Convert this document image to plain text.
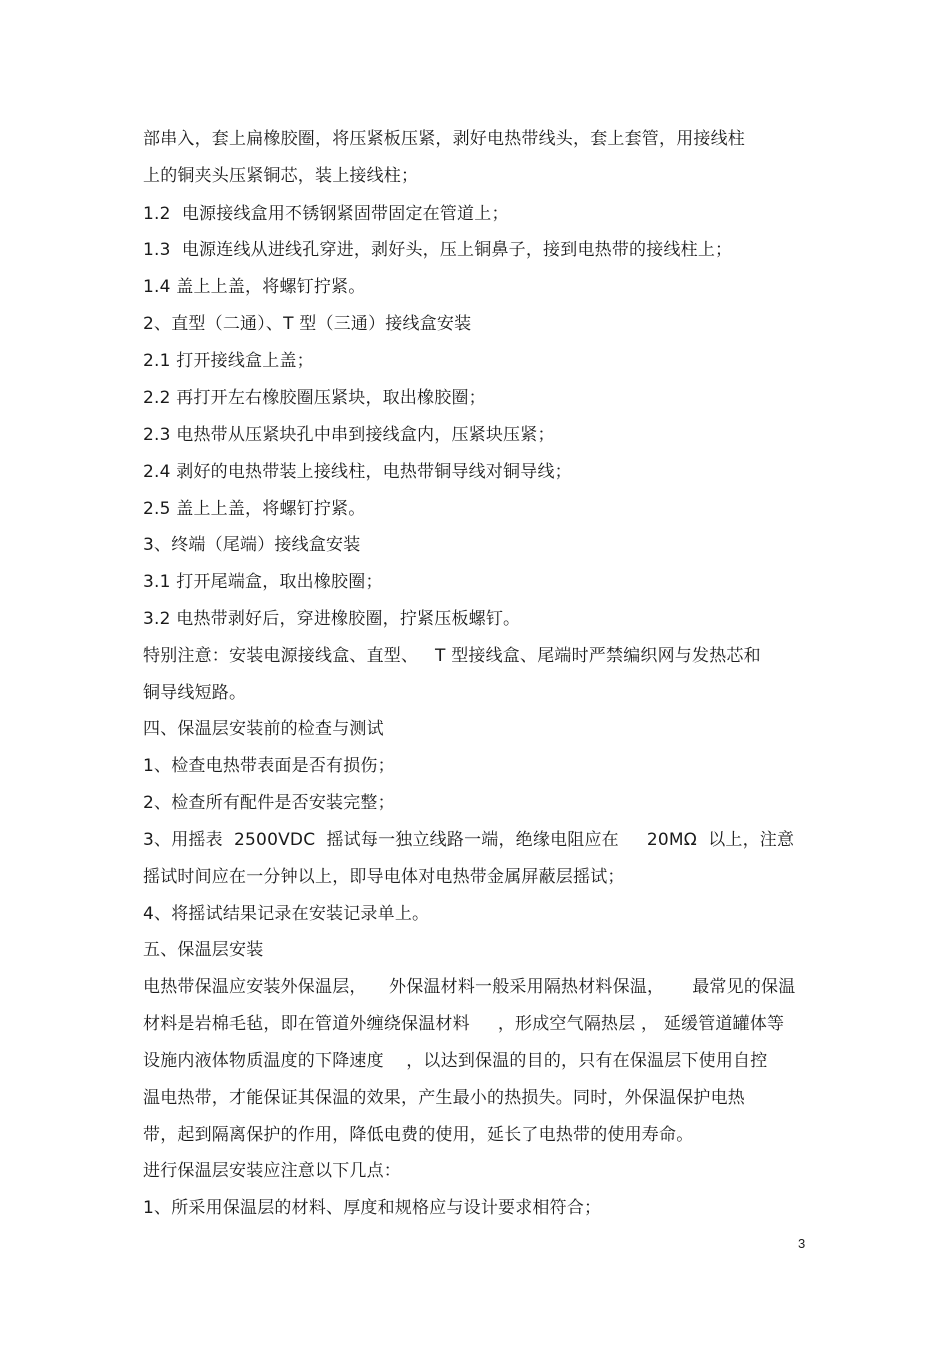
部串入，套上扁橡胶圈，将压紧板压紧，剥好电热带线头，套上套管，用接线柱
上的铜夹头压紧铜芯，装上接线柱；
1.2  电源接线盒用不锈钢紧固带固定在管道上；
1.3  电源连线从进线孔穿进，剥好头，压上铜鼻子，接到电热带的接线柱上；
1.4 盖上上盖，将螺钉拧紧。
2、直型（二通）、T 型（三通）接线盒安装
2.1 打开接线盒上盖；
2.2 再打开左右橡胶圈压紧块，取出橡胶圈；
2.3 电热带从压紧块孔中串到接线盒内，压紧块压紧；
2.4 剥好的电热带装上接线柱，电热带铜导线对铜导线；
2.5 盖上上盖，将螺钉拧紧。
3、终端（尾端）接线盒安装
3.1 打开尾端盒，取出橡胶圈；
3.2 电热带剥好后，穿进橡胶圈，拧紧压板螺钉。
特别注意：安装电源接线盒、直型、   T 型接线盒、尾端时严禁编织网与发热芯和
铜导线短路。
四、保温层安装前的检查与测试
1、检查电热带表面是否有损伤；
2、检查所有配件是否安装完整；
3、用摇表  2500VDC  摇试每一独立线路一端，绝缘电阻应在     20MΩ  以上，注意
摇试时间应在一分钟以上，即导电体对电热带金属屏蔽层摇试；
4、将摇试结果记录在安装记录单上。
五、保温层安装
电热带保温应安装外保温层，    外保温材料一般采用隔热材料保温，     最常见的保温
材料是岩棉毛毡，即在管道外缠绕保温材料     ，形成空气隔热层 ， 延缓管道罐体等
设施内液体物质温度的下降速度    ，以达到保温的目的，只有在保温层下使用自控
温电热带，才能保证其保温的效果，产生最小的热损失。同时，外保温保护电热
带，起到隔离保护的作用，降低电费的使用，延长了电热带的使用寿命。
进行保温层安装应注意以下几点：
1、所采用保温层的材料、厚度和规格应与设计要求相符合；
3
